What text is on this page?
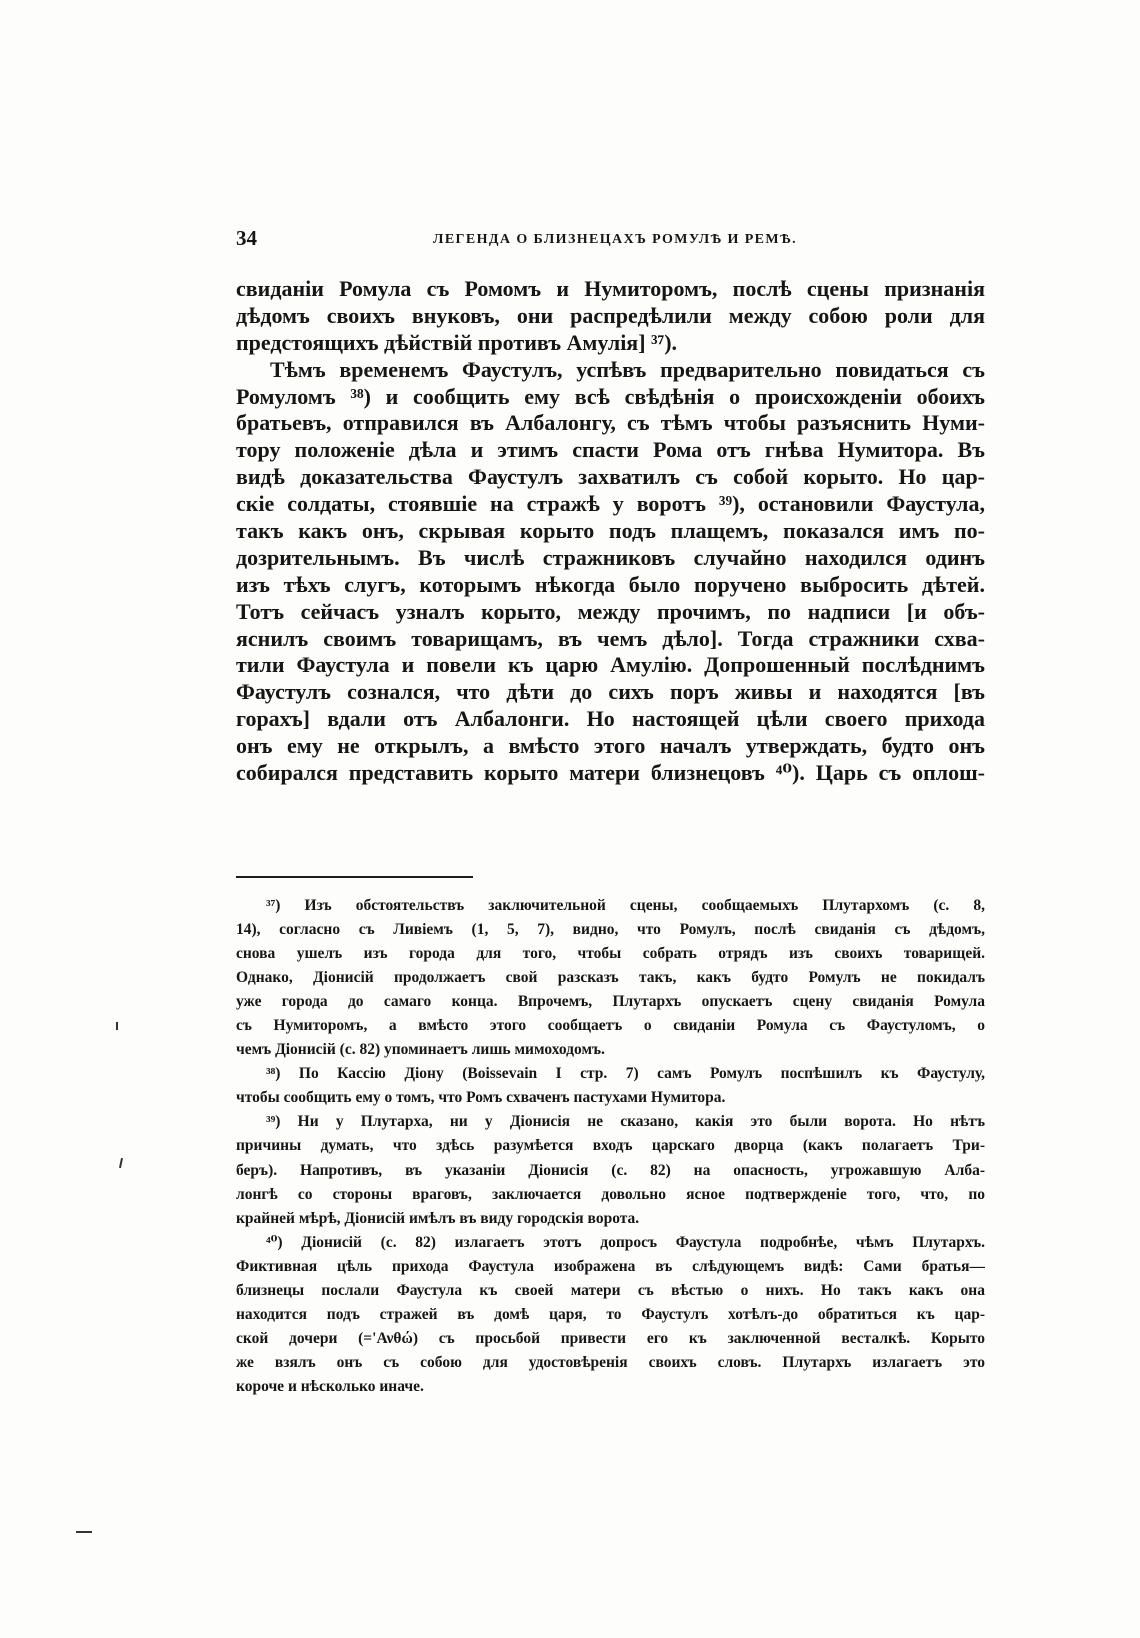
34	ЛЕГЕНДА О БЛИЗНЕЦАХЪ РОМУЛѢ И РЕМѢ.
свиданіи Ромула съ Ромомъ и Нумиторомъ, послѣ сцены признанія
дѣдомъ своихъ внуковъ, они распредѣлили между собою роли для
предстоящихъ дѣйствій противъ Амулія] ³⁷).
Тѣмъ временемъ Фаустулъ, успѣвъ предварительно повидаться съ
Ромуломъ ³⁸) и сообщить ему всѣ свѣдѣнія о происхожденіи обоихъ
братьевъ, отправился въ Албалонгу, съ тѣмъ чтобы разъяснить Нуми-
тору положеніе дѣла и этимъ спасти Рома отъ гнѣва Нумитора. Въ
видѣ доказательства Фаустулъ захватилъ съ собой корыто. Но цар-
скіе солдаты, стоявшіе на стражѣ у воротъ ³⁹), остановили Фаустула,
такъ какъ онъ, скрывая корыто подъ плащемъ, показался имъ по-
дозрительнымъ. Въ числѣ стражниковъ случайно находился одинъ
изъ тѣхъ слугъ, которымъ нѣкогда было поручено выбросить дѣтей.
Тотъ сейчасъ узналъ корыто, между прочимъ, по надписи [и объ-
яснилъ своимъ товарищамъ, въ чемъ дѣло]. Тогда стражники схва-
тили Фаустула и повели къ царю Амулію. Допрошенный послѣднимъ
Фаустулъ сознался, что дѣти до сихъ поръ живы и находятся [въ
горахъ] вдали отъ Албалонги. Но настоящей цѣли своего прихода
онъ ему не открылъ, а вмѣсто этого началъ утверждать, будто онъ
собирался представить корыто матери близнецовъ ⁴⁰). Царь съ оплош-
³⁷) Изъ обстоятельствъ заключительной сцены, сообщаемыхъ Плутархомъ (с. 8,
14), согласно съ Ливіемъ (1, 5, 7), видно, что Ромулъ, послѣ свиданія съ дѣдомъ,
снова ушелъ изъ города для того, чтобы собрать отрядъ изъ своихъ товарищей.
Однако, Діонисій продолжаетъ свой разсказъ такъ, какъ будто Ромулъ не покидалъ
уже города до самаго конца. Впрочемъ, Плутархъ опускаетъ сцену свиданія Ромула
съ Нумиторомъ, а вмѣсто этого сообщаетъ о свиданіи Ромула съ Фаустуломъ, о
чемъ Діонисій (с. 82) упоминаетъ лишь мимоходомъ.
³⁸) По Кассію Діону (Boissevain I стр. 7) самъ Ромулъ поспѣшилъ къ Фаустулу,
чтобы сообщить ему о томъ, что Ромъ схваченъ пастухами Нумитора.
³⁹) Ни у Плутарха, ни у Діонисія не сказано, какія это были ворота. Но нѣтъ
причины думать, что здѣсь разумѣется входъ царскаго дворца (какъ полагаетъ Три-
беръ). Напротивъ, въ указаніи Діонисія (с. 82) на опасность, угрожавшую Алба-
лонгѣ со стороны враговъ, заключается довольно ясное подтвержденіе того, что, по
крайней мѣрѣ, Діонисій имѣлъ въ виду городскія ворота.
⁴⁰) Діонисій (с. 82) излагаетъ этотъ допросъ Фаустула подробнѣе, чѣмъ Плутархъ.
Фиктивная цѣль прихода Фаустула изображена въ слѣдующемъ видѣ: Сами братья—
близнецы послали Фаустула къ своей матери съ вѣстью о нихъ. Но такъ какъ она
находится подъ стражей въ домѣ царя, то Фаустулъ хотѣлъ-до обратиться къ цар-
ской дочери (='Ανθώ) съ просьбой привести его къ заключенной весталкѣ. Корыто
же взялъ онъ съ собою для удостовѣренія своихъ словъ. Плутархъ излагаетъ это
короче и нѣсколько иначе.
